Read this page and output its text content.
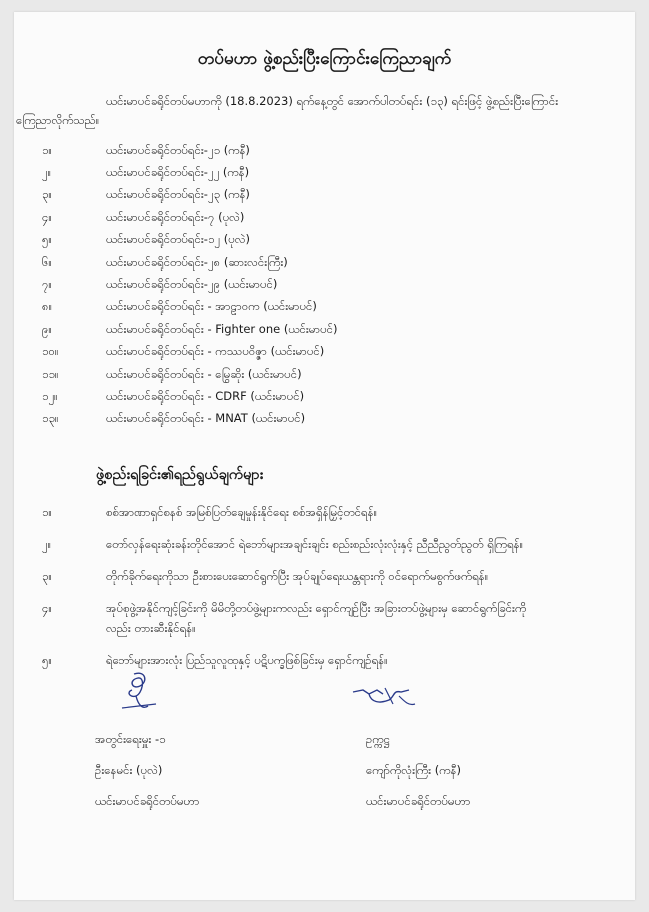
တပ်မဟာ ဖွဲ့စည်းပြီးကြောင်းကြေညာချက်
ယင်းမာပင်ခရိုင်တပ်မဟာကို (18.8.2023) ရက်နေ့တွင် အောက်ပါတပ်ရင်း (၁၃) ရင်းဖြင့် ဖွဲ့စည်းပြီးကြောင်း
ကြေညာလိုက်သည်။
၁။	ယင်းမာပင်ခရိုင်တပ်ရင်း-၂၁ (ကနီ)
၂။	ယင်းမာပင်ခရိုင်တပ်ရင်း-၂၂ (ကနီ)
၃။	ယင်းမာပင်ခရိုင်တပ်ရင်း-၂၃ (ကနီ)
၄။	ယင်းမာပင်ခရိုင်တပ်ရင်း-၇ (ပုလဲ)
၅။	ယင်းမာပင်ခရိုင်တပ်ရင်း-၁၂ (ပုလဲ)
၆။	ယင်းမာပင်ခရိုင်တပ်ရင်း-၂၈ (ဆားလင်းကြီး)
၇။	ယင်းမာပင်ခရိုင်တပ်ရင်း-၂၉ (ယင်းမာပင်)
၈။	ယင်းမာပင်ခရိုင်တပ်ရင်း - အာဠာဝက (ယင်းမာပင်)
၉။	ယင်းမာပင်ခရိုင်တပ်ရင်း - Fighter one (ယင်းမာပင်)
၁၀။	ယင်းမာပင်ခရိုင်တပ်ရင်း - ကဿပဝိဇ္ဇာ (ယင်းမာပင်)
၁၁။	ယင်းမာပင်ခရိုင်တပ်ရင်း - မြွေဆိုး (ယင်းမာပင်)
၁၂။	ယင်းမာပင်ခရိုင်တပ်ရင်း - CDRF (ယင်းမာပင်)
၁၃။	ယင်းမာပင်ခရိုင်တပ်ရင်း - MNAT (ယင်းမာပင်)
ဖွဲ့စည်းရခြင်း၏ရည်ရွယ်ချက်များ
၁။	စစ်အာဏာရှင်စနစ် အမြစ်ပြတ်ချေမှုန်းနိုင်ရေး စစ်အရှိန်မြှင့်တင်ရန်။
၂။	တော်လှန်ရေးဆုံးခန်းတိုင်အောင် ရဲဘော်များအချင်းချင်း စည်းစည်းလုံးလုံးနှင့် ညီညီညွတ်ညွတ် ရှိကြရန်။
၃။	တိုက်ခိုက်ရေးကိုသာ ဦးစားပေးဆောင်ရွက်ပြီး အုပ်ချုပ်ရေးယန္တရားကို ဝင်ရောက်မစွက်ဖက်ရန်။
၄။	အုပ်စုဖွဲ့အနိုင်ကျင့်ခြင်းကို မိမိတို့တပ်ဖွဲ့များကလည်း ရှောင်ကျဉ်ပြီး အခြားတပ်ဖွဲ့များမှ ဆောင်ရွက်ခြင်းကို
လည်း တားဆီးနိုင်ရန်။
၅။	ရဲဘော်များအားလုံး ပြည်သူလူထုနှင့် ပဋိပက္ခဖြစ်ခြင်းမှ ရှောင်ကျဉ်ရန်။
အတွင်းရေးမှူး -၁
ဦးနေမင်း (ပုလဲ)
ယင်းမာပင်ခရိုင်တပ်မဟာ
ဥက္ကဋ္ဌ
ကျော်ကိုလုံးကြီး (ကနီ)
ယင်းမာပင်ခရိုင်တပ်မဟာ
